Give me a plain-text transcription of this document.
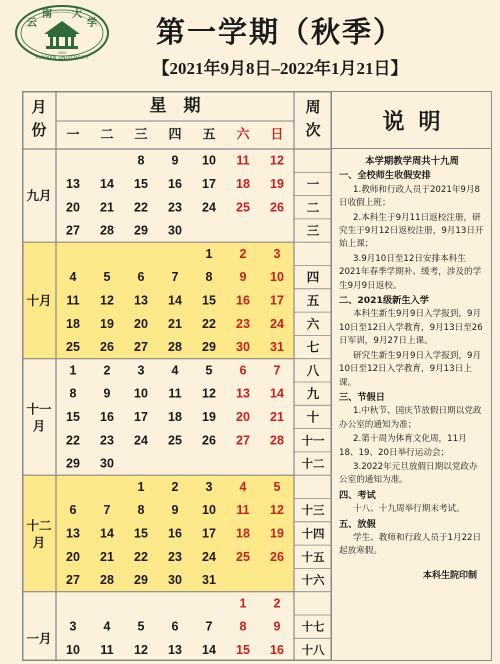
云
南 大
学
1923
YUNNAN UNIVERSITY
第一学期（秋季）
【2021年9月8日–2022年1月21日】
月
份
星　期	周
次
一 二 三 四 五 六 日
九月
8 9 10 11 12
13 14 15 16 17 18 19
20 21 22 23 24 25 26
27 28 29 30
十月
1 2 3
4 5 6 7 8 9 10
11 12 13 14 15 16 17
18 19 20 21 22 23 24
25 26 27 28 29 30 31
十一
月
1 2 3 4 5 6 7
8 9 10 11 12 13 14
15 16 17 18 19 20 21
22 23 24 25 26 27 28
29 30
十二
月
1 2 3 4 5
6 7 8 9 10 11 12
13 14 15 16 17 18 19
20 21 22 23 24 25 26
27 28 29 30 31
一月
1 2
3 4 5 6 7 8 9
10 11 12 13 14 15 16
一
二
三
四
五
六
七
八
九
十
十一
十二
十三
十四
十五
十六
十七
十八
说明
本学期教学周共十九周
一、全校师生收假安排
1.教师和行政人员于2021年9月8日收假上班；
2.本科生于9月11日返校注册，研究生于9月12日返校注册，9月13日开始上课；
3.9月10日至12日安排本科生2021年春季学期补、缓考，涉及的学生9月9日返校。
二、2021级新生入学
本科生新生9月9日入学报到，9月10日至12日入学教育，9月13日至26日军训，9月27日上课。
研究生新生9月9日入学报到，9月10日至12日入学教育，9月13日上课。
三、节假日
1.中秋节、国庆节放假日期以党政办公室的通知为准；
2.第十周为体育文化周，11月18、19、20日举行运动会；
3.2022年元旦放假日期以党政办公室的通知为准。
四、考试
十八、十九周举行期末考试。
五、放假
学生、教师和行政人员于1月22日起放寒假。
本科生院印制
